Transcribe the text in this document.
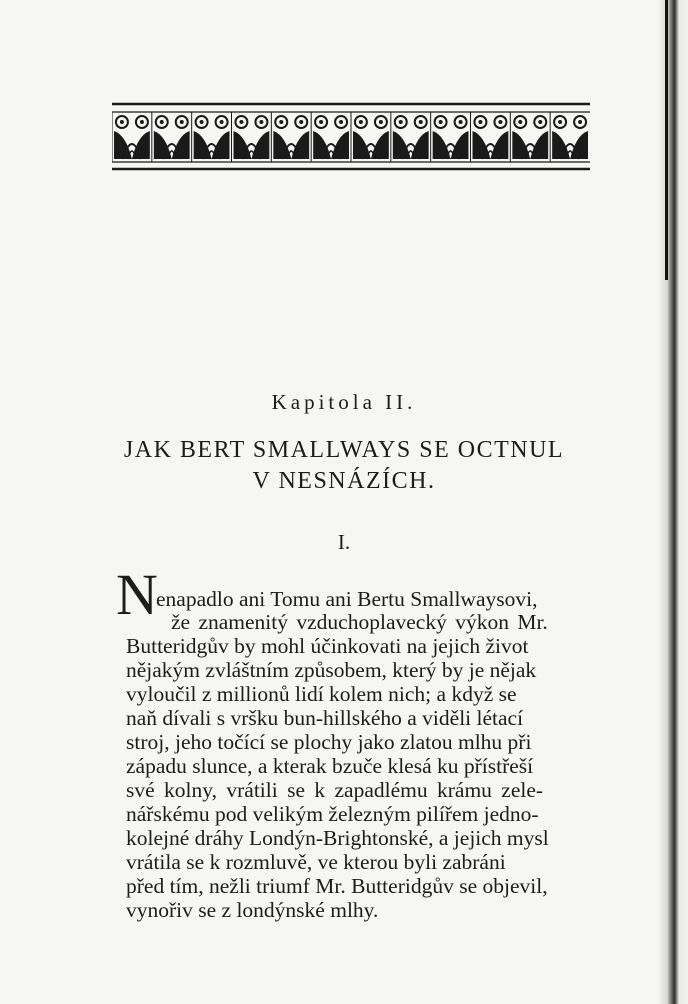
Kapitola II.
JAK BERT SMALLWAYS SE OCTNUL
V NESNÁZÍCH.
I.
N
enapadlo ani Tomu ani Bertu Smallwaysovi,
že znamenitý vzduchoplavecký výkon Mr.
Butteridgův by mohl účinkovati na jejich život
nějakým zvláštním způsobem, který by je nějak
vyloučil z millionů lidí kolem nich; a když se
naň dívali s vršku bun-hillského a viděli létací
stroj, jeho točící se plochy jako zlatou mlhu při
západu slunce, a kterak bzuče klesá ku přístřeší
své kolny, vrátili se k zapadlému krámu zele-
nářskému pod velikým železným pilířem jedno-
kolejné dráhy Londýn-Brightonské, a jejich mysl
vrátila se k rozmluvě, ve kterou byli zabráni
před tím, nežli triumf Mr. Butteridgův se objevil,
vynořiv se z londýnské mlhy.
